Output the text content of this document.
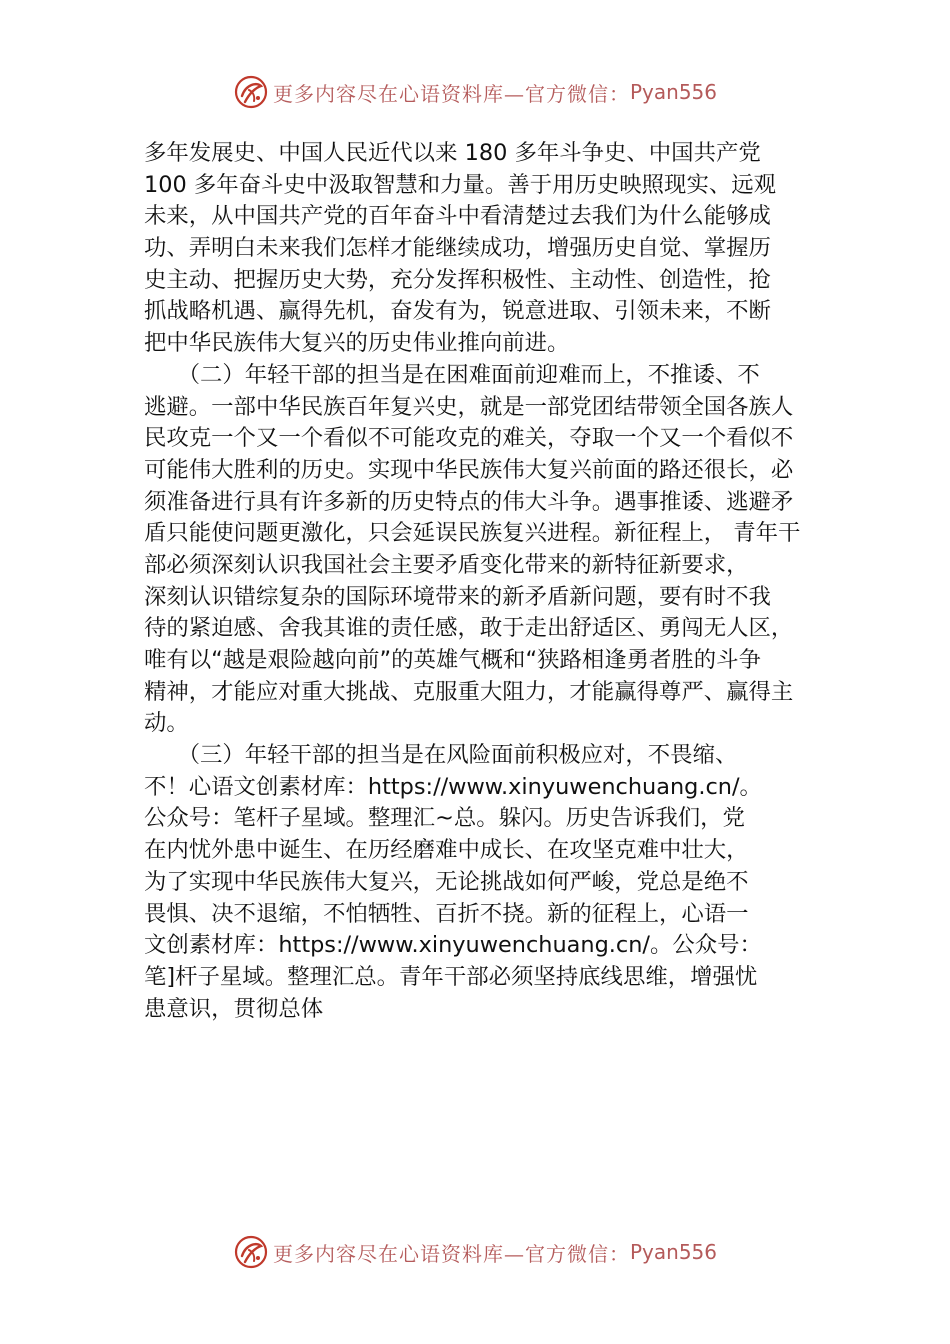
更多内容尽在心语资料库—官方微信： Pyan556
多年发展史、中国人民近代以来 180 多年斗争史、中国共产党
100 多年奋斗史中汲取智慧和力量。善于用历史映照现实、远观
未来，从中国共产党的百年奋斗中看清楚过去我们为什么能够成
功、弄明白未来我们怎样才能继续成功，增强历史自觉、掌握历
史主动、把握历史大势，充分发挥积极性、主动性、创造性，抢
抓战略机遇、赢得先机，奋发有为，锐意进取、引领未来，不断
把中华民族伟大复兴的历史伟业推向前进。
　　（二）年轻干部的担当是在困难面前迎难而上，不推诿、不
逃避。一部中华民族百年复兴史，就是一部党团结带领全国各族人
民攻克一个又一个看似不可能攻克的难关，夺取一个又一个看似不
可能伟大胜利的历史。实现中华民族伟大复兴前面的路还很长，必
须准备进行具有许多新的历史特点的伟大斗争。遇事推诿、逃避矛
盾只能使问题更激化，只会延误民族复兴进程。新征程上， 青年干
部必须深刻认识我国社会主要矛盾变化带来的新特征新要求，
深刻认识错综复杂的国际环境带来的新矛盾新问题，要有时不我
待的紧迫感、舍我其谁的责任感，敢于走出舒适区、勇闯无人区，
唯有以“越是艰险越向前”的英雄气概和“狭路相逢勇者胜的斗争
精神，才能应对重大挑战、克服重大阻力，才能赢得尊严、赢得主
动。
　　（三）年轻干部的担当是在风险面前积极应对，不畏缩、
不！心语文创素材库：https://www.xinyuwenchuang.cn/。
公众号：笔杆子星域。整理汇~总。躲闪。历史告诉我们，党
在内忧外患中诞生、在历经磨难中成长、在攻坚克难中壮大，
为了实现中华民族伟大复兴，无论挑战如何严峻，党总是绝不
畏惧、决不退缩，不怕牺牲、百折不挠。新的征程上，心语一
文创素材库：https://www.xinyuwenchuang.cn/。公众号：
笔]杆子星域。整理汇总。青年干部必须坚持底线思维，增强忧
患意识，贯彻总体
更多内容尽在心语资料库—官方微信： Pyan556
